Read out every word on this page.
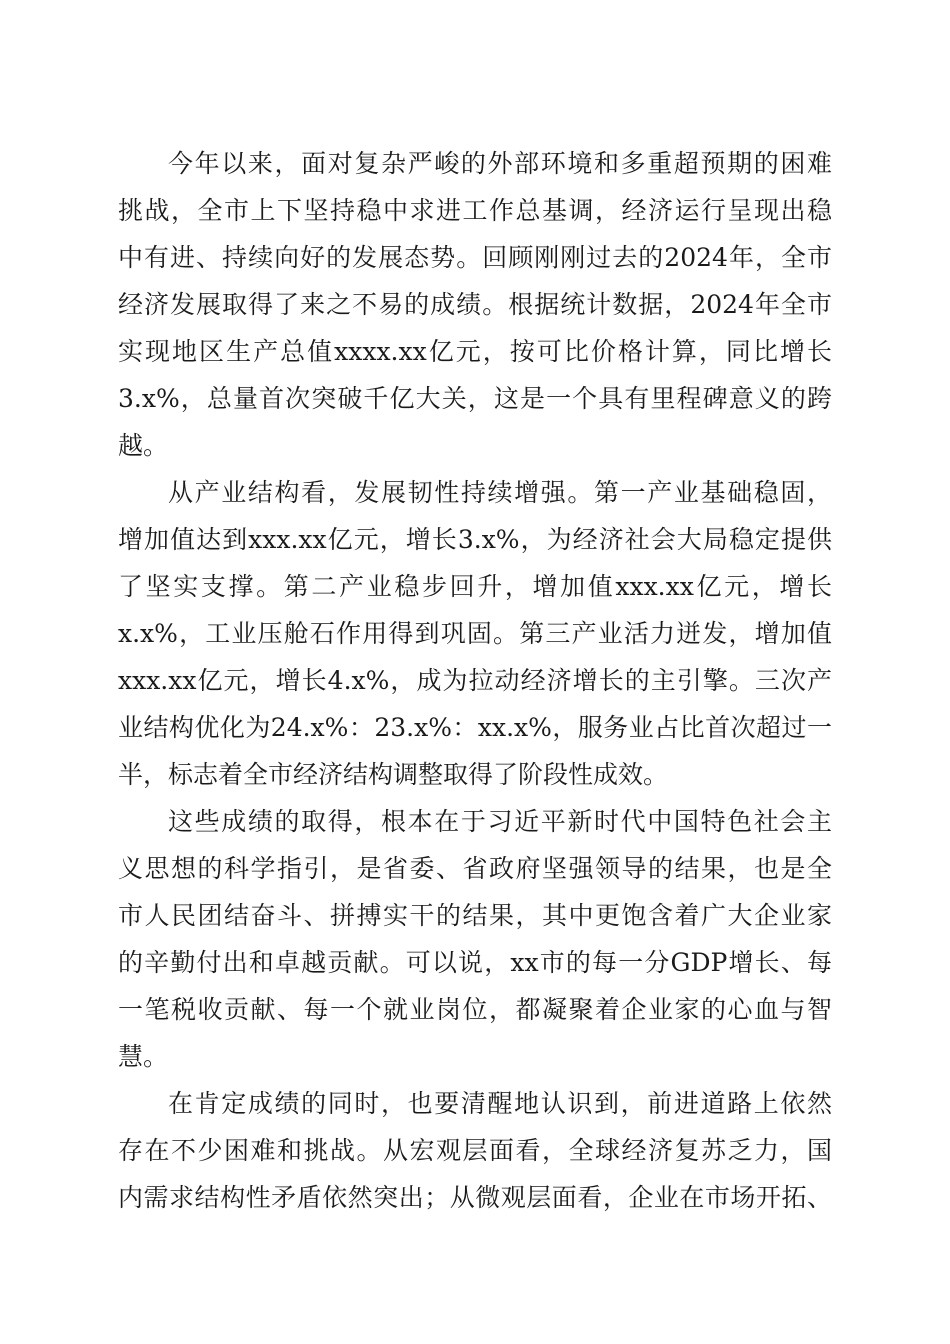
今年以来，面对复杂严峻的外部环境和多重超预期的困难
挑战，全市上下坚持稳中求进工作总基调，经济运行呈现出稳
中有进、持续向好的发展态势。回顾刚刚过去的2024年，全市
经济发展取得了来之不易的成绩。根据统计数据，2024年全市
实现地区生产总值xxxx.xx亿元，按可比价格计算，同比增长
3.x%，总量首次突破千亿大关，这是一个具有里程碑意义的跨
越。
从产业结构看，发展韧性持续增强。第一产业基础稳固，
增加值达到xxx.xx亿元，增长3.x%，为经济社会大局稳定提供
了坚实支撑。第二产业稳步回升，增加值xxx.xx亿元，增长
x.x%，工业压舱石作用得到巩固。第三产业活力迸发，增加值
xxx.xx亿元，增长4.x%，成为拉动经济增长的主引擎。三次产
业结构优化为24.x%：23.x%：xx.x%，服务业占比首次超过一
半，标志着全市经济结构调整取得了阶段性成效。
这些成绩的取得，根本在于习近平新时代中国特色社会主
义思想的科学指引，是省委、省政府坚强领导的结果，也是全
市人民团结奋斗、拼搏实干的结果，其中更饱含着广大企业家
的辛勤付出和卓越贡献。可以说，xx市的每一分GDP增长、每
一笔税收贡献、每一个就业岗位，都凝聚着企业家的心血与智
慧。
在肯定成绩的同时，也要清醒地认识到，前进道路上依然
存在不少困难和挑战。从宏观层面看，全球经济复苏乏力，国
内需求结构性矛盾依然突出；从微观层面看，企业在市场开拓、
